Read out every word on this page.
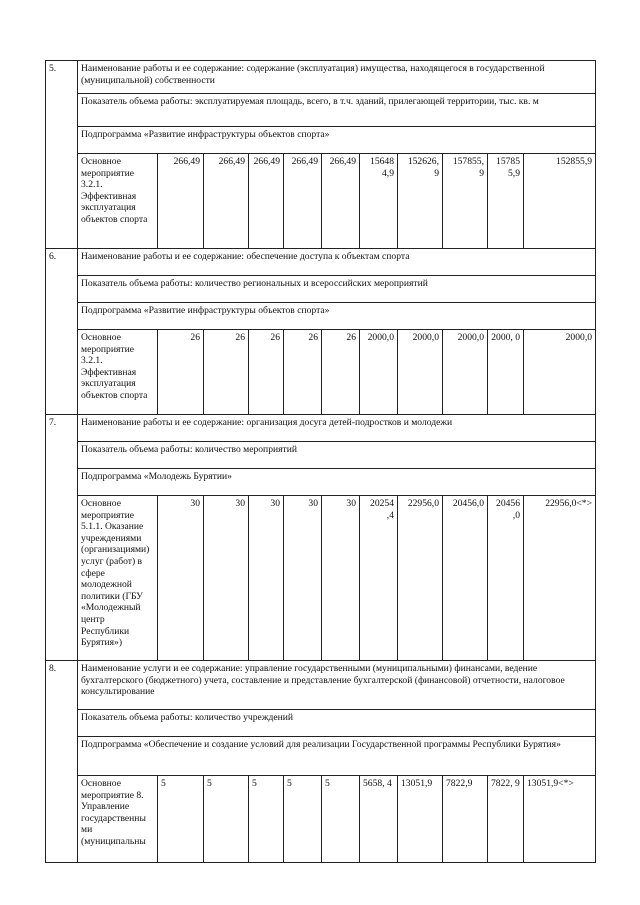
5.	Наименование работы и ее содержание: содержание (эксплуатация) имущества, находящегося в государственной (муниципальной) собственности										
	Показатель объема работы: эксплуатируемая площадь, всего, в т.ч. зданий, прилегающей территории, тыс. кв. м										
	Подпрограмма «Развитие инфраструктуры объектов спорта»										
	Основное мероприятие 3.2.1. Эффективная эксплуатация объектов спорта	266,49	266,49	266,49	266,49	266,49	15648 4,9	152626, 9	157855, 9	15785 5,9	152855,9
6.	Наименование работы и ее содержание: обеспечение доступа к объектам спорта										
	Показатель объема работы: количество региональных и всероссийских мероприятий										
	Подпрограмма «Развитие инфраструктуры объектов спорта»										
	Основное мероприятие 3.2.1. Эффективная эксплуатация объектов спорта	26	26	26	26	26	2000,0	2000,0	2000,0	2000, 0	2000,0
7.	Наименование работы и ее содержание: организация досуга детей-подростков и молодежи										
	Показатель объема работы: количество мероприятий										
	Подпрограмма «Молодежь Бурятии»										
	Основное мероприятие 5.1.1. Оказание учреждениями (организациями) услуг (работ) в сфере молодежной политики (ГБУ «Молодежный центр Республики Бурятия»)	30	30	30	30	30	20254 ,4	22956,0	20456,0	20456 ,0	22956,0<*>
8.	Наименование услуги и ее содержание: управление государственными (муниципальными) финансами, ведение бухгалтерского (бюджетного) учета, составление и представление бухгалтерской (финансовой) отчетности, налоговое консультирование										
	Показатель объема работы: количество учреждений										
	Подпрограмма «Обеспечение и создание условий для реализации Государственной программы Республики Бурятия»										
	Основное мероприятие 8. Управление государственны ми (муниципальны	5	5	5	5	5	5658, 4	13051,9	7822,9	7822, 9	13051,9<*>
